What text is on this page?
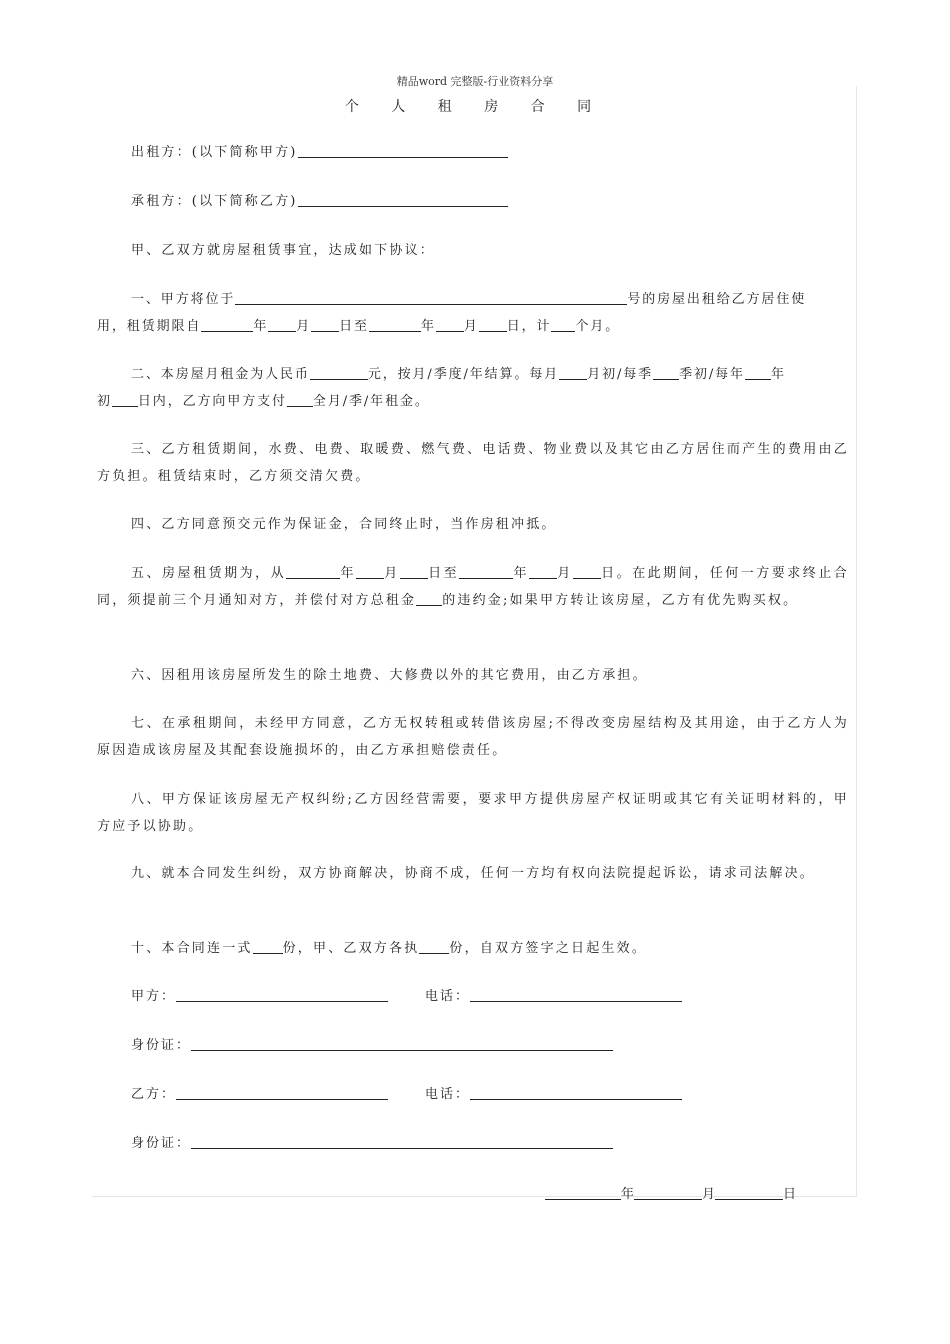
精品word 完整版-行业资料分享
个 人 租 房 合 同
出租方：(以下简称甲方)
承租方：(以下简称乙方)
甲、乙双方就房屋租赁事宜，达成如下协议：
一、甲方将位于	号的房屋出租给乙方居住使
用，租赁期限自	年 月 日至	年 月 日，计 个月。
二、本房屋月租金为人民币	元，按月/季度/年结算。每月 月初/每季 季初/每年 年
三、乙方租赁期间，水费、电费、取暖费、燃气费、电话费、物业费以及其它由乙方居住而产生的费用由乙方负担。租赁结束时，乙方须交清欠费。
四、乙方同意预交元作为保证金，合同终止时，当作房租冲抵。
五、房屋租赁期为，从	年 月 日至	年 月 日。在此期间，任何一方要求终止合同，须提前三个月通知对方，并偿付对方总租金 的违约金;如果甲方转让该房屋，乙方有优先购买权。
六、因租用该房屋所发生的除土地费、大修费以外的其它费用，由乙方承担。
七、在承租期间，未经甲方同意，乙方无权转租或转借该房屋;不得改变房屋结构及其用途，由于乙方人为原因造成该房屋及其配套设施损坏的，由乙方承担赔偿责任。
八、甲方保证该房屋无产权纠纷;乙方因经营需要，要求甲方提供房屋产权证明或其它有关证明材料的，甲方应予以协助。
九、就本合同发生纠纷，双方协商解决，协商不成，任何一方均有权向法院提起诉讼，请求司法解决。
十、本合同连一式 份，甲、乙双方各执 份，自双方签字之日起生效。
甲方：	电话：
身份证：
乙方：	电话：
身份证：
年	月	日
初 日内，乙方向甲方支付 全月/季/年租金。
